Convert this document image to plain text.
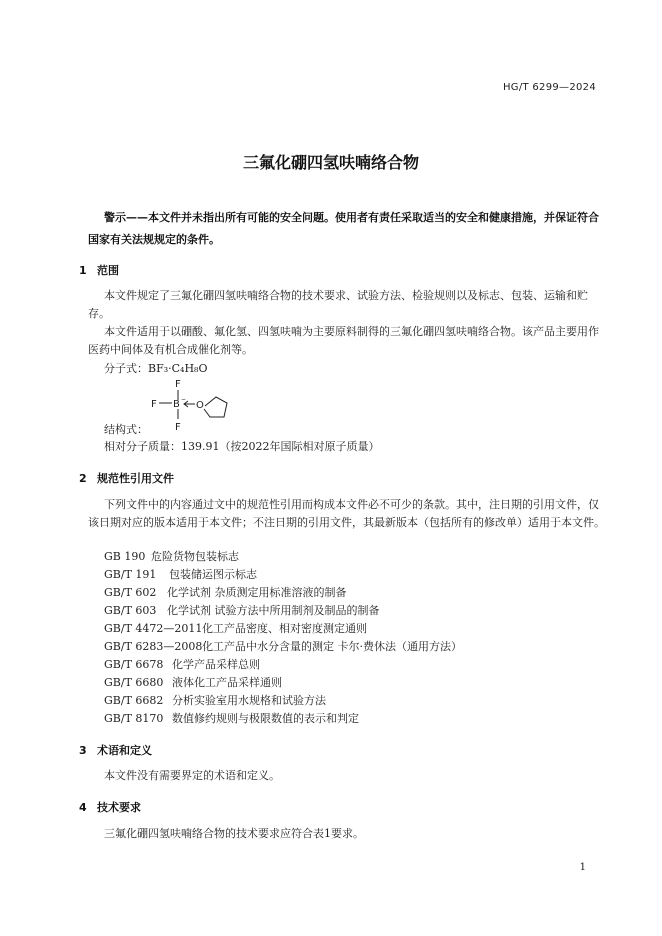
HG/T 6299—2024
三氟化硼四氢呋喃络合物
警示——本文件并未指出所有可能的安全问题。使用者有责任采取适当的安全和健康措施，并保证符合国家有关法规规定的条件。
1 范围
本文件规定了三氟化硼四氢呋喃络合物的技术要求、试验方法、检验规则以及标志、包装、运输和贮存。
本文件适用于以硼酸、氟化氢、四氢呋喃为主要原料制得的三氟化硼四氢呋喃络合物。该产品主要用作医药中间体及有机合成催化剂等。
分子式：BF₃·C₄H₈O
F
F B −
F
O
结构式：
相对分子质量：139.91（按2022年国际相对原子质量）
2 规范性引用文件
下列文件中的内容通过文中的规范性引用而构成本文件必不可少的条款。其中，注日期的引用文件，仅该日期对应的版本适用于本文件；不注日期的引用文件，其最新版本（包括所有的修改单）适用于本文件。
GB 190 危险货物包装标志
GB/T 191 包装储运图示标志
GB/T 602 化学试剂 杂质测定用标准溶液的制备
GB/T 603 化学试剂 试验方法中所用制剂及制品的制备
GB/T 4472—2011化工产品密度、相对密度测定通则
GB/T 6283—2008化工产品中水分含量的测定 卡尔·费休法（通用方法）
GB/T 6678 化学产品采样总则
GB/T 6680 液体化工产品采样通则
GB/T 6682 分析实验室用水规格和试验方法
GB/T 8170 数值修约规则与极限数值的表示和判定
3 术语和定义
本文件没有需要界定的术语和定义。
4 技术要求
三氟化硼四氢呋喃络合物的技术要求应符合表1要求。
1
